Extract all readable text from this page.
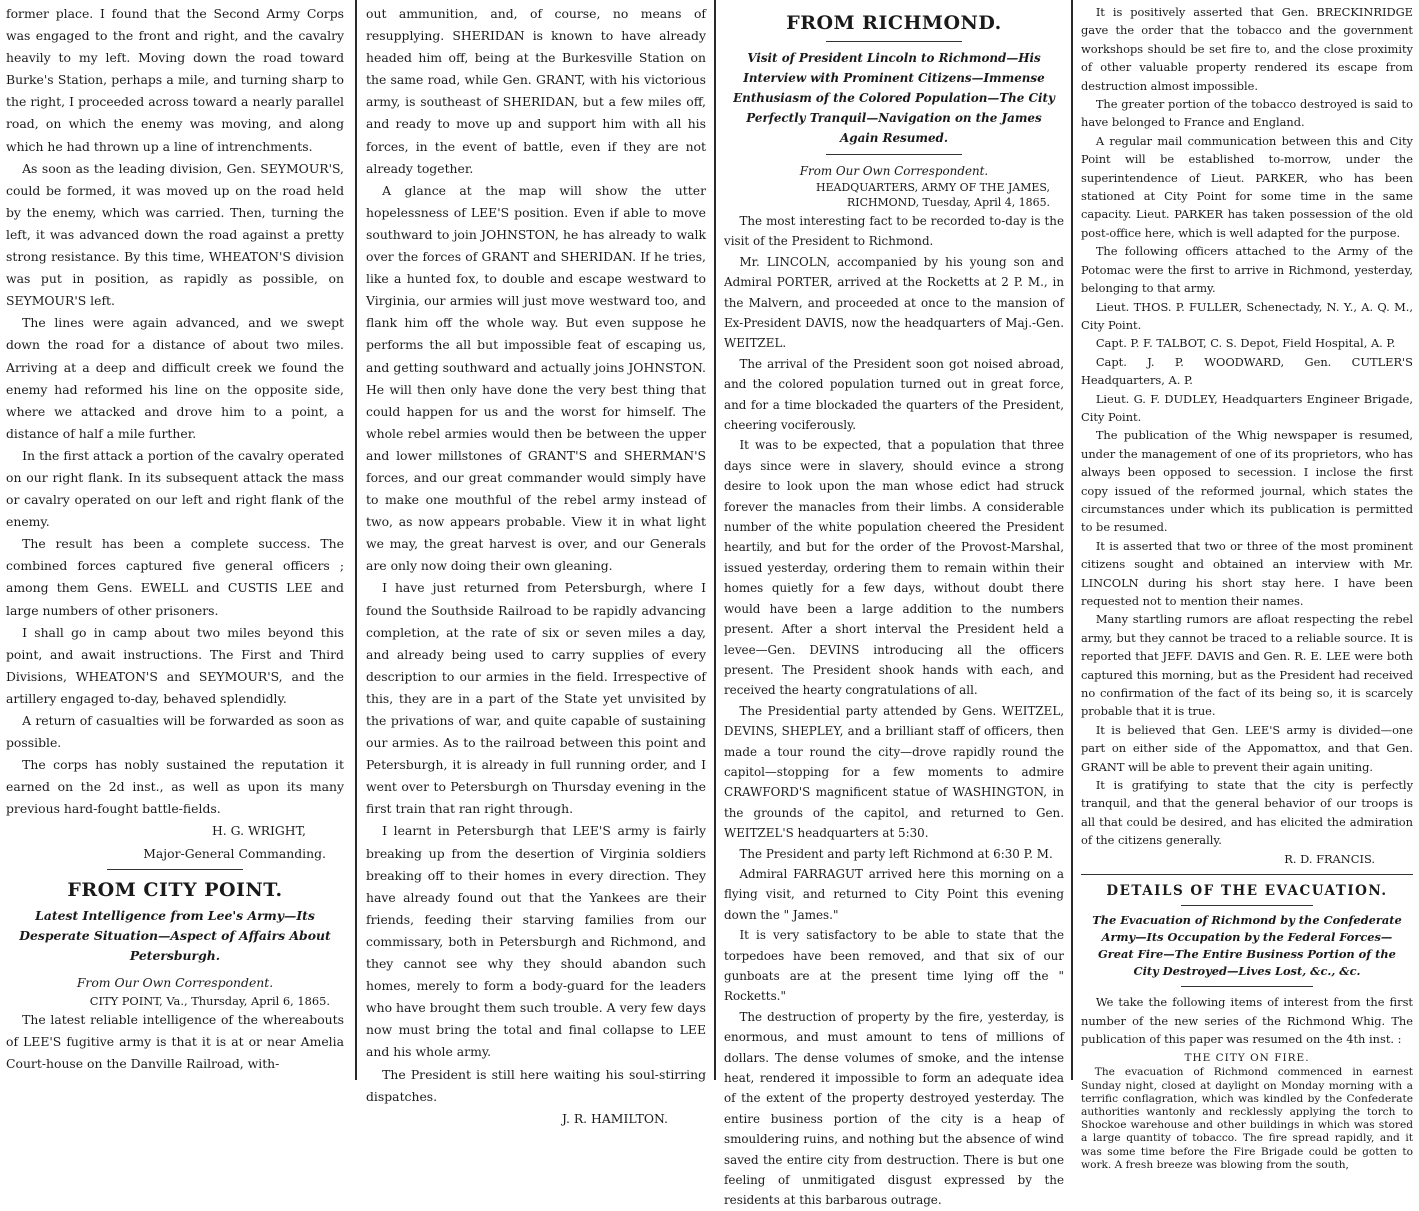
former place. I found that the Second Army Corps was engaged to the front and right, and the cavalry heavily to my left. Moving down the road toward Burke's Station, perhaps a mile, and turning sharp to the right, I proceeded across toward a nearly parallel road, on which the enemy was moving, and along which he had thrown up a line of intrenchments.

As soon as the leading division, Gen. SEYMOUR'S, could be formed, it was moved up on the road held by the enemy, which was carried. Then, turning the left, it was advanced down the road against a pretty strong resistance. By this time, WHEATON'S division was put in position, as rapidly as possible, on SEYMOUR'S left.

The lines were again advanced, and we swept down the road for a distance of about two miles. Arriving at a deep and difficult creek we found the enemy had reformed his line on the opposite side, where we attacked and drove him to a point, a distance of half a mile further.

In the first attack a portion of the cavalry operated on our right flank. In its subsequent attack the mass or cavalry operated on our left and right flank of the enemy.

The result has been a complete success. The combined forces captured five general officers ; among them Gens. EWELL and CUSTIS LEE and large numbers of other prisoners.

I shall go in camp about two miles beyond this point, and await instructions. The First and Third Divisions, WHEATON'S and SEYMOUR'S, and the artillery engaged to-day, behaved splendidly.

A return of casualties will be forwarded as soon as possible.

The corps has nobly sustained the reputation it earned on the 2d inst., as well as upon its many previous hard-fought battle-fields.

H. G. WRIGHT,

Major-General Commanding.

FROM CITY POINT.

Latest Intelligence from Lee's Army—Its Desperate Situation—Aspect of Affairs About Petersburgh.

From Our Own Correspondent.

CITY POINT, Va., Thursday, April 6, 1865.

The latest reliable intelligence of the whereabouts of LEE'S fugitive army is that it is at or near Amelia Court-house on the Danville Railroad, with-

out ammunition, and, of course, no means of resupplying. SHERIDAN is known to have already headed him off, being at the Burkesville Station on the same road, while Gen. GRANT, with his victorious army, is southeast of SHERIDAN, but a few miles off, and ready to move up and support him with all his forces, in the event of battle, even if they are not already together.

A glance at the map will show the utter hopelessness of LEE'S position. Even if able to move southward to join JOHNSTON, he has already to walk over the forces of GRANT and SHERIDAN. If he tries, like a hunted fox, to double and escape westward to Virginia, our armies will just move westward too, and flank him off the whole way. But even suppose he performs the all but impossible feat of escaping us, and getting southward and actually joins JOHNSTON. He will then only have done the very best thing that could happen for us and the worst for himself. The whole rebel armies would then be between the upper and lower millstones of GRANT'S and SHERMAN'S forces, and our great commander would simply have to make one mouthful of the rebel army instead of two, as now appears probable. View it in what light we may, the great harvest is over, and our Generals are only now doing their own gleaning.

I have just returned from Petersburgh, where I found the Southside Railroad to be rapidly advancing completion, at the rate of six or seven miles a day, and already being used to carry supplies of every description to our armies in the field. Irrespective of this, they are in a part of the State yet unvisited by the privations of war, and quite capable of sustaining our armies. As to the railroad between this point and Petersburgh, it is already in full running order, and I went over to Petersburgh on Thursday evening in the first train that ran right through.

I learnt in Petersburgh that LEE'S army is fairly breaking up from the desertion of Virginia soldiers breaking off to their homes in every direction. They have already found out that the Yankees are their friends, feeding their starving families from our commissary, both in Petersburgh and Richmond, and they cannot see why they should abandon such homes, merely to form a body-guard for the leaders who have brought them such trouble. A very few days now must bring the total and final collapse to LEE and his whole army.

The President is still here waiting his soul-stirring dispatches.

J. R. HAMILTON.

FROM RICHMOND.

Visit of President Lincoln to Richmond—His Interview with Prominent Citizens—Immense Enthusiasm of the Colored Population—The City Perfectly Tranquil—Navigation on the James Again Resumed.

From Our Own Correspondent.

HEADQUARTERS, ARMY OF THE JAMES,

RICHMOND, Tuesday, April 4, 1865.

The most interesting fact to be recorded to-day is the visit of the President to Richmond.

Mr. LINCOLN, accompanied by his young son and Admiral PORTER, arrived at the Rocketts at 2 P. M., in the Malvern, and proceeded at once to the mansion of Ex-President DAVIS, now the headquarters of Maj.-Gen. WEITZEL.

The arrival of the President soon got noised abroad, and the colored population turned out in great force, and for a time blockaded the quarters of the President, cheering vociferously.

It was to be expected, that a population that three days since were in slavery, should evince a strong desire to look upon the man whose edict had struck forever the manacles from their limbs. A considerable number of the white population cheered the President heartily, and but for the order of the Provost-Marshal, issued yesterday, ordering them to remain within their homes quietly for a few days, without doubt there would have been a large addition to the numbers present. After a short interval the President held a levee—Gen. DEVINS introducing all the officers present. The President shook hands with each, and received the hearty congratulations of all.

The Presidential party attended by Gens. WEITZEL, DEVINS, SHEPLEY, and a brilliant staff of officers, then made a tour round the city—drove rapidly round the capitol—stopping for a few moments to admire CRAWFORD'S magnificent statue of WASHINGTON, in the grounds of the capitol, and returned to Gen. WEITZEL'S headquarters at 5:30.

The President and party left Richmond at 6:30 P. M.

Admiral FARRAGUT arrived here this morning on a flying visit, and returned to City Point this evening down the " James."

It is very satisfactory to be able to state that the torpedoes have been removed, and that six of our gunboats are at the present time lying off the " Rocketts."

The destruction of property by the fire, yesterday, is enormous, and must amount to tens of millions of dollars. The dense volumes of smoke, and the intense heat, rendered it impossible to form an adequate idea of the extent of the property destroyed yesterday. The entire business portion of the city is a heap of smouldering ruins, and nothing but the absence of wind saved the entire city from destruction. There is but one feeling of unmitigated disgust expressed by the residents at this barbarous outrage.

It is positively asserted that Gen. BRECKINRIDGE gave the order that the tobacco and the government workshops should be set fire to, and the close proximity of other valuable property rendered its escape from destruction almost impossible.

The greater portion of the tobacco destroyed is said to have belonged to France and England.

A regular mail communication between this and City Point will be established to-morrow, under the superintendence of Lieut. PARKER, who has been stationed at City Point for some time in the same capacity. Lieut. PARKER has taken possession of the old post-office here, which is well adapted for the purpose.

The following officers attached to the Army of the Potomac were the first to arrive in Richmond, yesterday, belonging to that army.

Lieut. THOS. P. FULLER, Schenectady, N. Y., A. Q. M., City Point.

Capt. P. F. TALBOT, C. S. Depot, Field Hospital, A. P.

Capt. J. P. WOODWARD, Gen. CUTLER'S Headquarters, A. P.

Lieut. G. F. DUDLEY, Headquarters Engineer Brigade, City Point.

The publication of the Whig newspaper is resumed, under the management of one of its proprietors, who has always been opposed to secession. I inclose the first copy issued of the reformed journal, which states the circumstances under which its publication is permitted to be resumed.

It is asserted that two or three of the most prominent citizens sought and obtained an interview with Mr. LINCOLN during his short stay here. I have been requested not to mention their names.

Many startling rumors are afloat respecting the rebel army, but they cannot be traced to a reliable source. It is reported that JEFF. DAVIS and Gen. R. E. LEE were both captured this morning, but as the President had received no confirmation of the fact of its being so, it is scarcely probable that it is true.

It is believed that Gen. LEE'S army is divided—one part on either side of the Appomattox, and that Gen. GRANT will be able to prevent their again uniting.

It is gratifying to state that the city is perfectly tranquil, and that the general behavior of our troops is all that could be desired, and has elicited the admiration of the citizens generally.

R. D. FRANCIS.

DETAILS OF THE EVACUATION.

The Evacuation of Richmond by the Confederate Army—Its Occupation by the Federal Forces—Great Fire—The Entire Business Portion of the City Destroyed—Lives Lost, &c., &c.

We take the following items of interest from the first number of the new series of the Richmond Whig. The publication of this paper was resumed on the 4th inst. :

THE CITY ON FIRE.

The evacuation of Richmond commenced in earnest Sunday night, closed at daylight on Monday morning with a terrific conflagration, which was kindled by the Confederate authorities wantonly and recklessly applying the torch to Shockoe warehouse and other buildings in which was stored a large quantity of tobacco. The fire spread rapidly, and it was some time before the Fire Brigade could be gotten to work. A fresh breeze was blowing from the south,
